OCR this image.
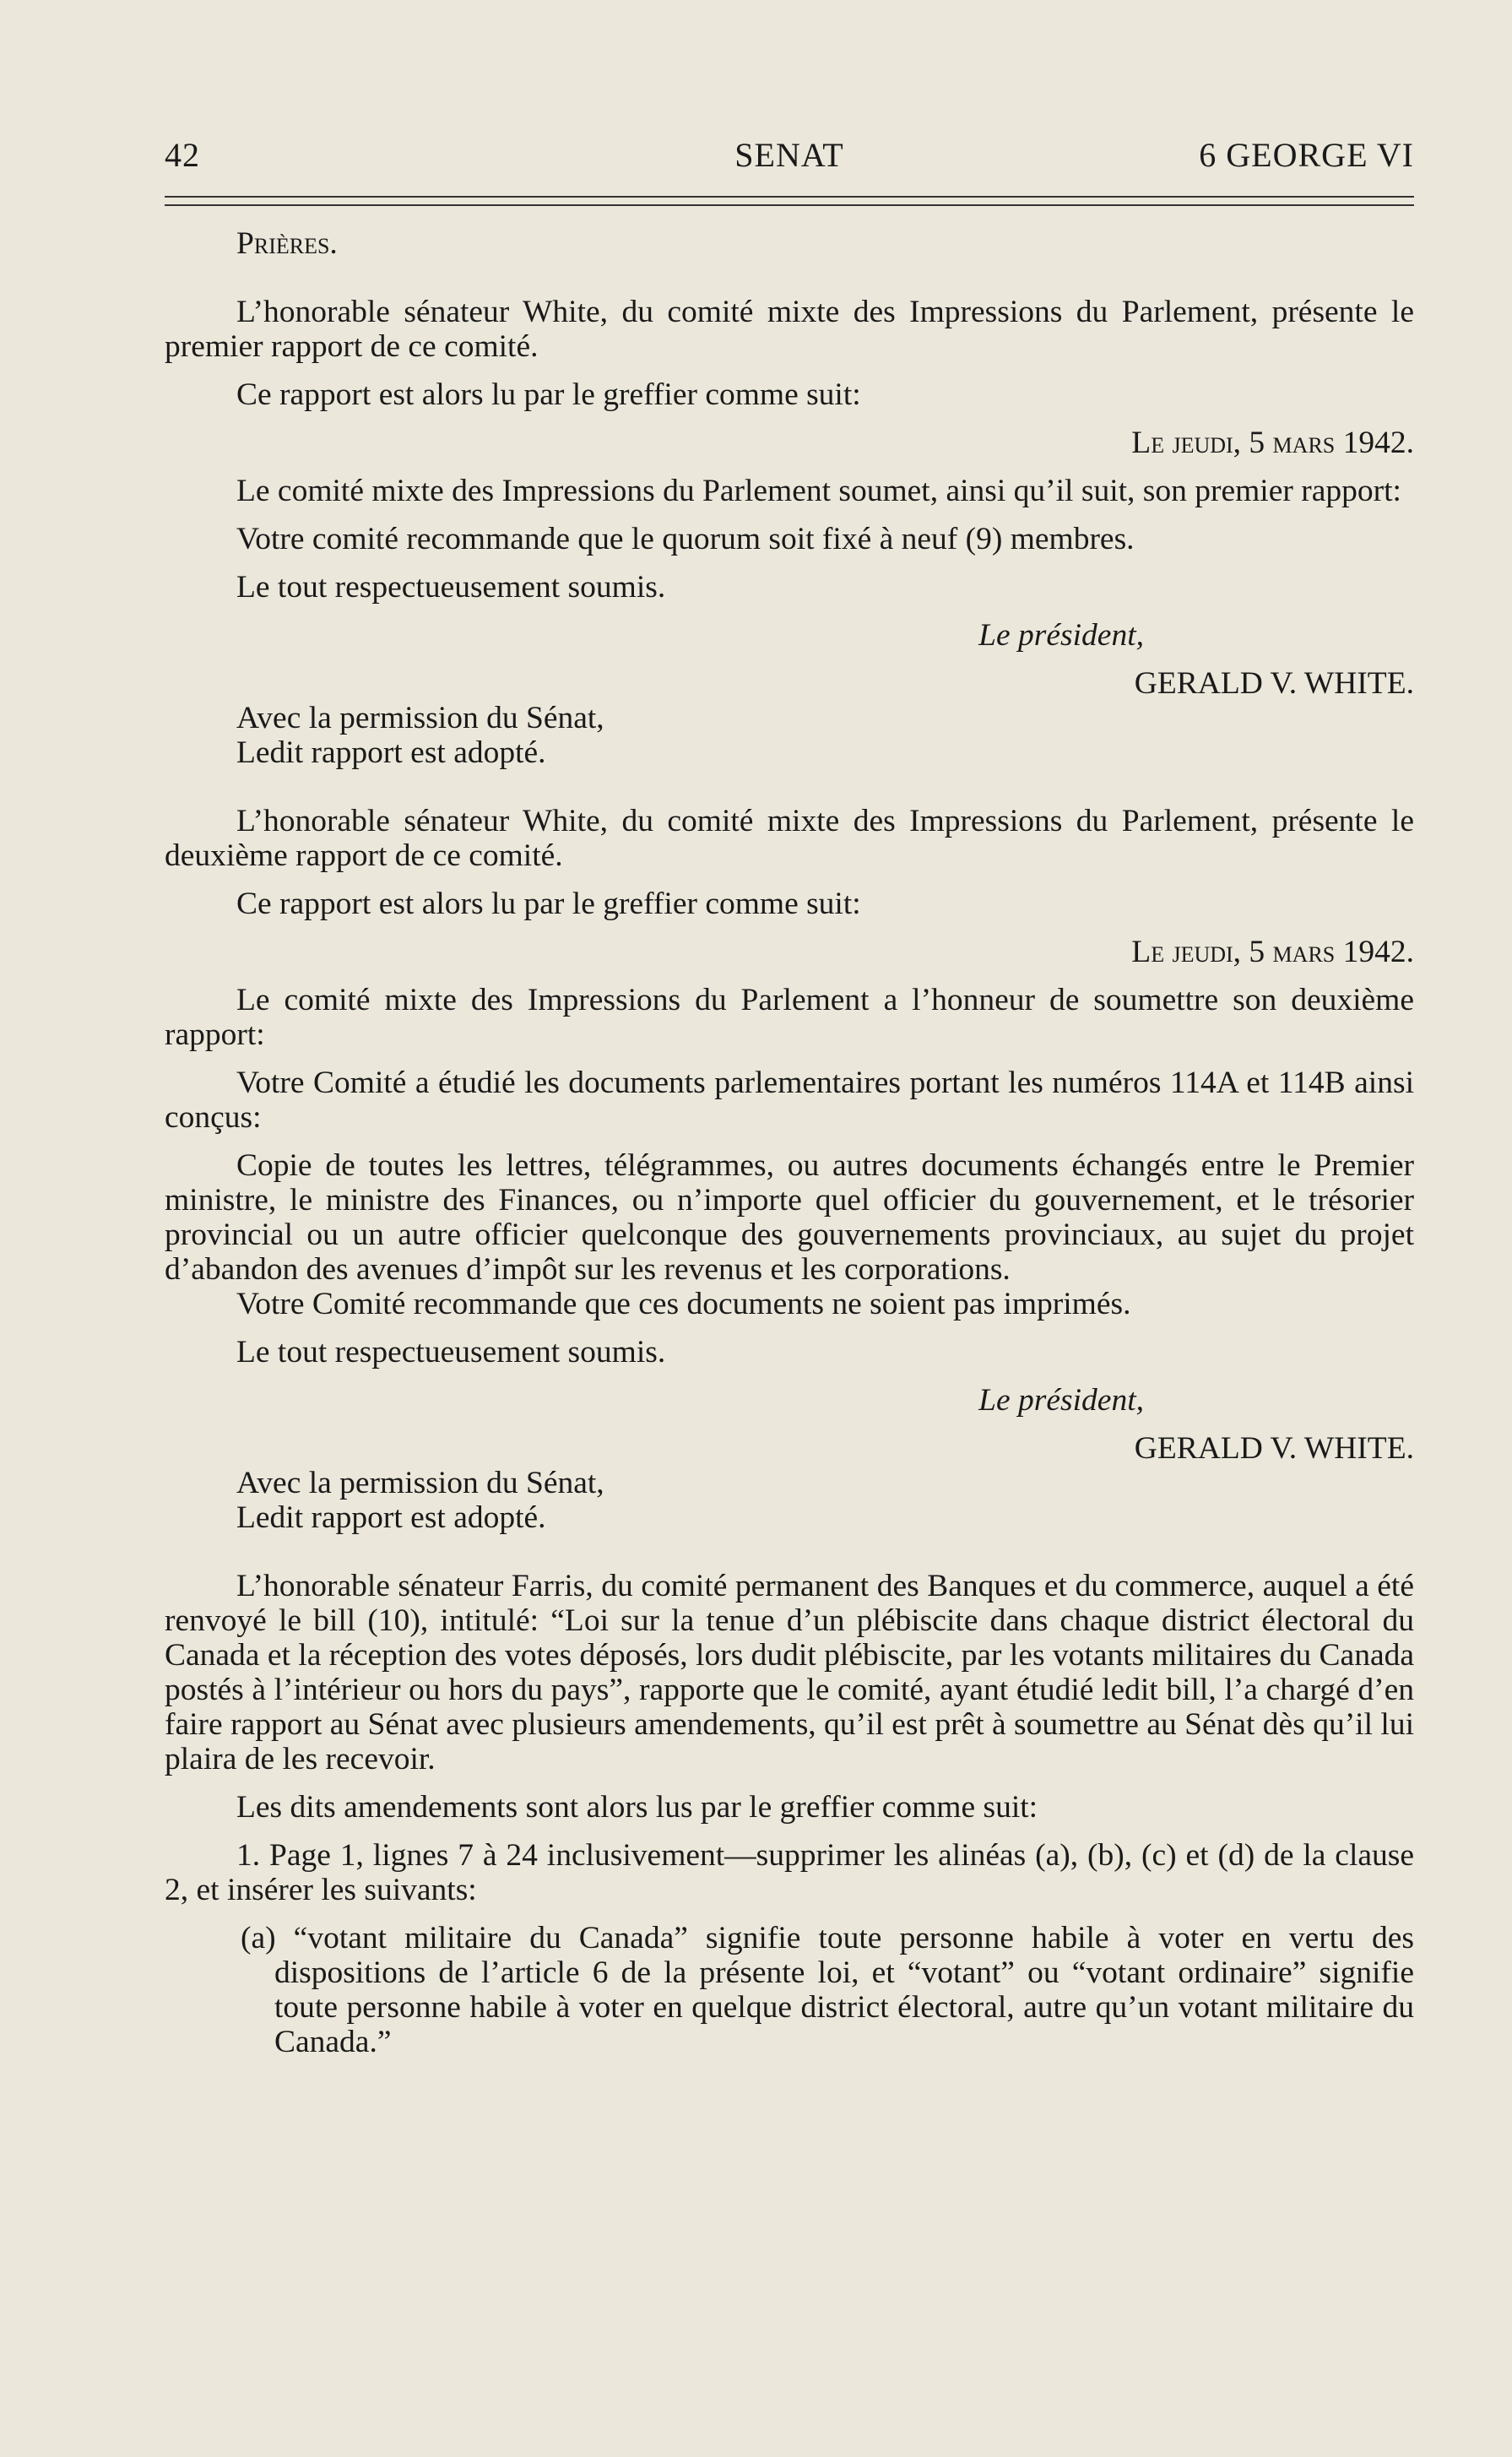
42	SENAT	6 GEORGE VI

Prières.

L’honorable sénateur White, du comité mixte des Impressions du Parlement, présente le premier rapport de ce comité.

Ce rapport est alors lu par le greffier comme suit:

Le jeudi, 5 mars 1942.

Le comité mixte des Impressions du Parlement soumet, ainsi qu’il suit, son premier rapport:

Votre comité recommande que le quorum soit fixé à neuf (9) membres.

Le tout respectueusement soumis.

Le président,

GERALD V. WHITE.

Avec la permission du Sénat,

Ledit rapport est adopté.

L’honorable sénateur White, du comité mixte des Impressions du Parlement, présente le deuxième rapport de ce comité.

Ce rapport est alors lu par le greffier comme suit:

Le jeudi, 5 mars 1942.

Le comité mixte des Impressions du Parlement a l’honneur de soumettre son deuxième rapport:

Votre Comité a étudié les documents parlementaires portant les numéros 114A et 114B ainsi conçus:

Copie de toutes les lettres, télégrammes, ou autres documents échangés entre le Premier ministre, le ministre des Finances, ou n’importe quel officier du gouvernement, et le trésorier provincial ou un autre officier quelconque des gouvernements provinciaux, au sujet du projet d’abandon des avenues d’impôt sur les revenus et les corporations.

Votre Comité recommande que ces documents ne soient pas imprimés.

Le tout respectueusement soumis.

Le président,

GERALD V. WHITE.

Avec la permission du Sénat,

Ledit rapport est adopté.

L’honorable sénateur Farris, du comité permanent des Banques et du commerce, auquel a été renvoyé le bill (10), intitulé: “Loi sur la tenue d’un plébiscite dans chaque district électoral du Canada et la réception des votes déposés, lors dudit plébiscite, par les votants militaires du Canada postés à l’intérieur ou hors du pays”, rapporte que le comité, ayant étudié ledit bill, l’a chargé d’en faire rapport au Sénat avec plusieurs amendements, qu’il est prêt à soumettre au Sénat dès qu’il lui plaira de les recevoir.

Les dits amendements sont alors lus par le greffier comme suit:

1. Page 1, lignes 7 à 24 inclusivement—supprimer les alinéas (a), (b), (c) et (d) de la clause 2, et insérer les suivants:

(a) “votant militaire du Canada” signifie toute personne habile à voter en vertu des dispositions de l’article 6 de la présente loi, et “votant” ou “votant ordinaire” signifie toute personne habile à voter en quelque district électoral, autre qu’un votant militaire du Canada.”
